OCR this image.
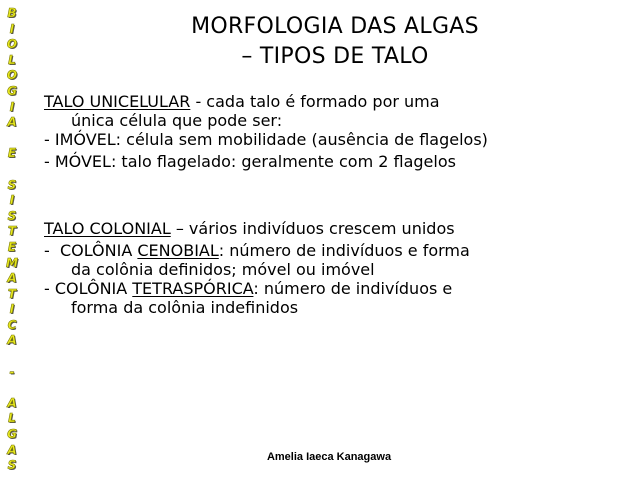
B
I
O
L
O
G
I
A

E

S
I
S
T
E
M
A
T
I
C
A

-

A
L
G
A
S
MORFOLOGIA DAS ALGAS
– TIPOS DE TALO

TALO UNICELULAR - cada talo é formado por uma

única célula que pode ser:

- IMÓVEL: célula sem mobilidade (ausência de flagelos)

- MÓVEL: talo flagelado: geralmente com 2 flagelos

TALO COLONIAL – vários indivíduos crescem unidos

-  COLÔNIA CENOBIAL: número de indivíduos e forma

da colônia definidos; móvel ou imóvel

- COLÔNIA TETRASPÓRICA: número de indivíduos e

forma da colônia indefinidos

Amelia Iaeca Kanagawa
